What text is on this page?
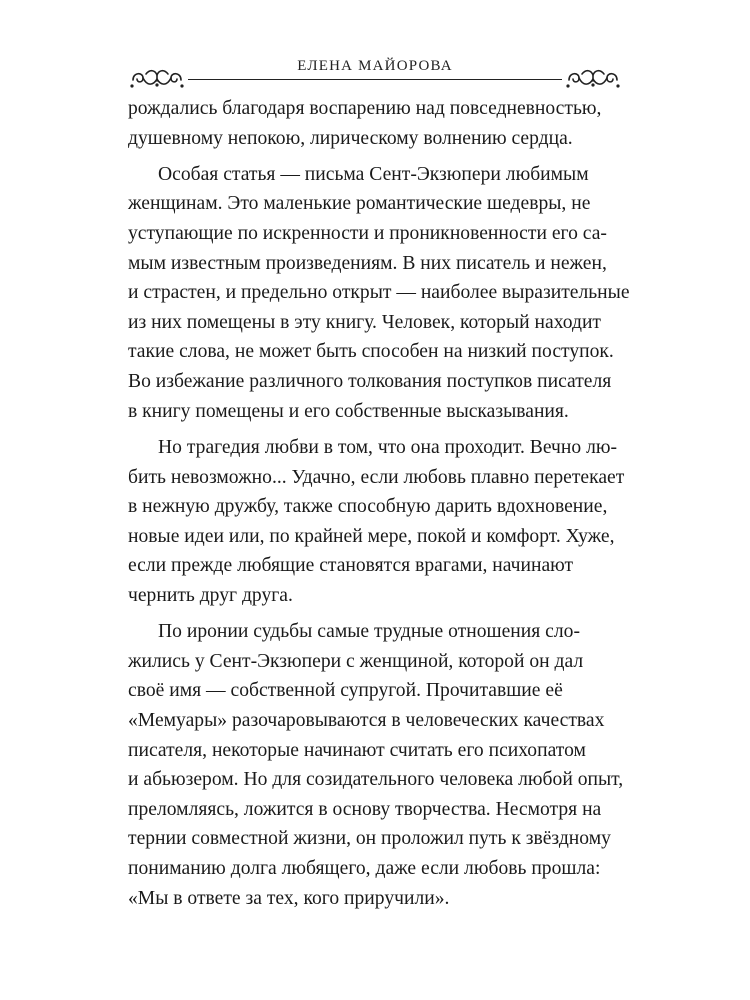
ЕЛЕНА МАЙОРОВА

рождались благодаря воспарению над повседневностью,
душевному непокою, лирическому волнению сердца.

Особая статья — письма Сент-Экзюпери любимым
женщинам. Это маленькие романтические шедевры, не
уступающие по искренности и проникновенности его са-
мым известным произведениям. В них писатель и нежен,
и страстен, и предельно открыт — наиболее выразительные
из них помещены в эту книгу. Человек, который находит
такие слова, не может быть способен на низкий поступок.
Во избежание различного толкования поступков писателя
в книгу помещены и его собственные высказывания.

Но трагедия любви в том, что она проходит. Вечно лю-
бить невозможно... Удачно, если любовь плавно перетекает
в нежную дружбу, также способную дарить вдохновение,
новые идеи или, по крайней мере, покой и комфорт. Хуже,
если прежде любящие становятся врагами, начинают
чернить друг друга.

По иронии судьбы самые трудные отношения сло-
жились у Сент-Экзюпери с женщиной, которой он дал
своё имя — собственной супругой. Прочитавшие её
«Мемуары» разочаровываются в человеческих качествах
писателя, некоторые начинают считать его психопатом
и абьюзером. Но для созидательного человека любой опыт,
преломляясь, ложится в основу творчества. Несмотря на
тернии совместной жизни, он проложил путь к звёздному
пониманию долга любящего, даже если любовь прошла:
«Мы в ответе за тех, кого приручили».
